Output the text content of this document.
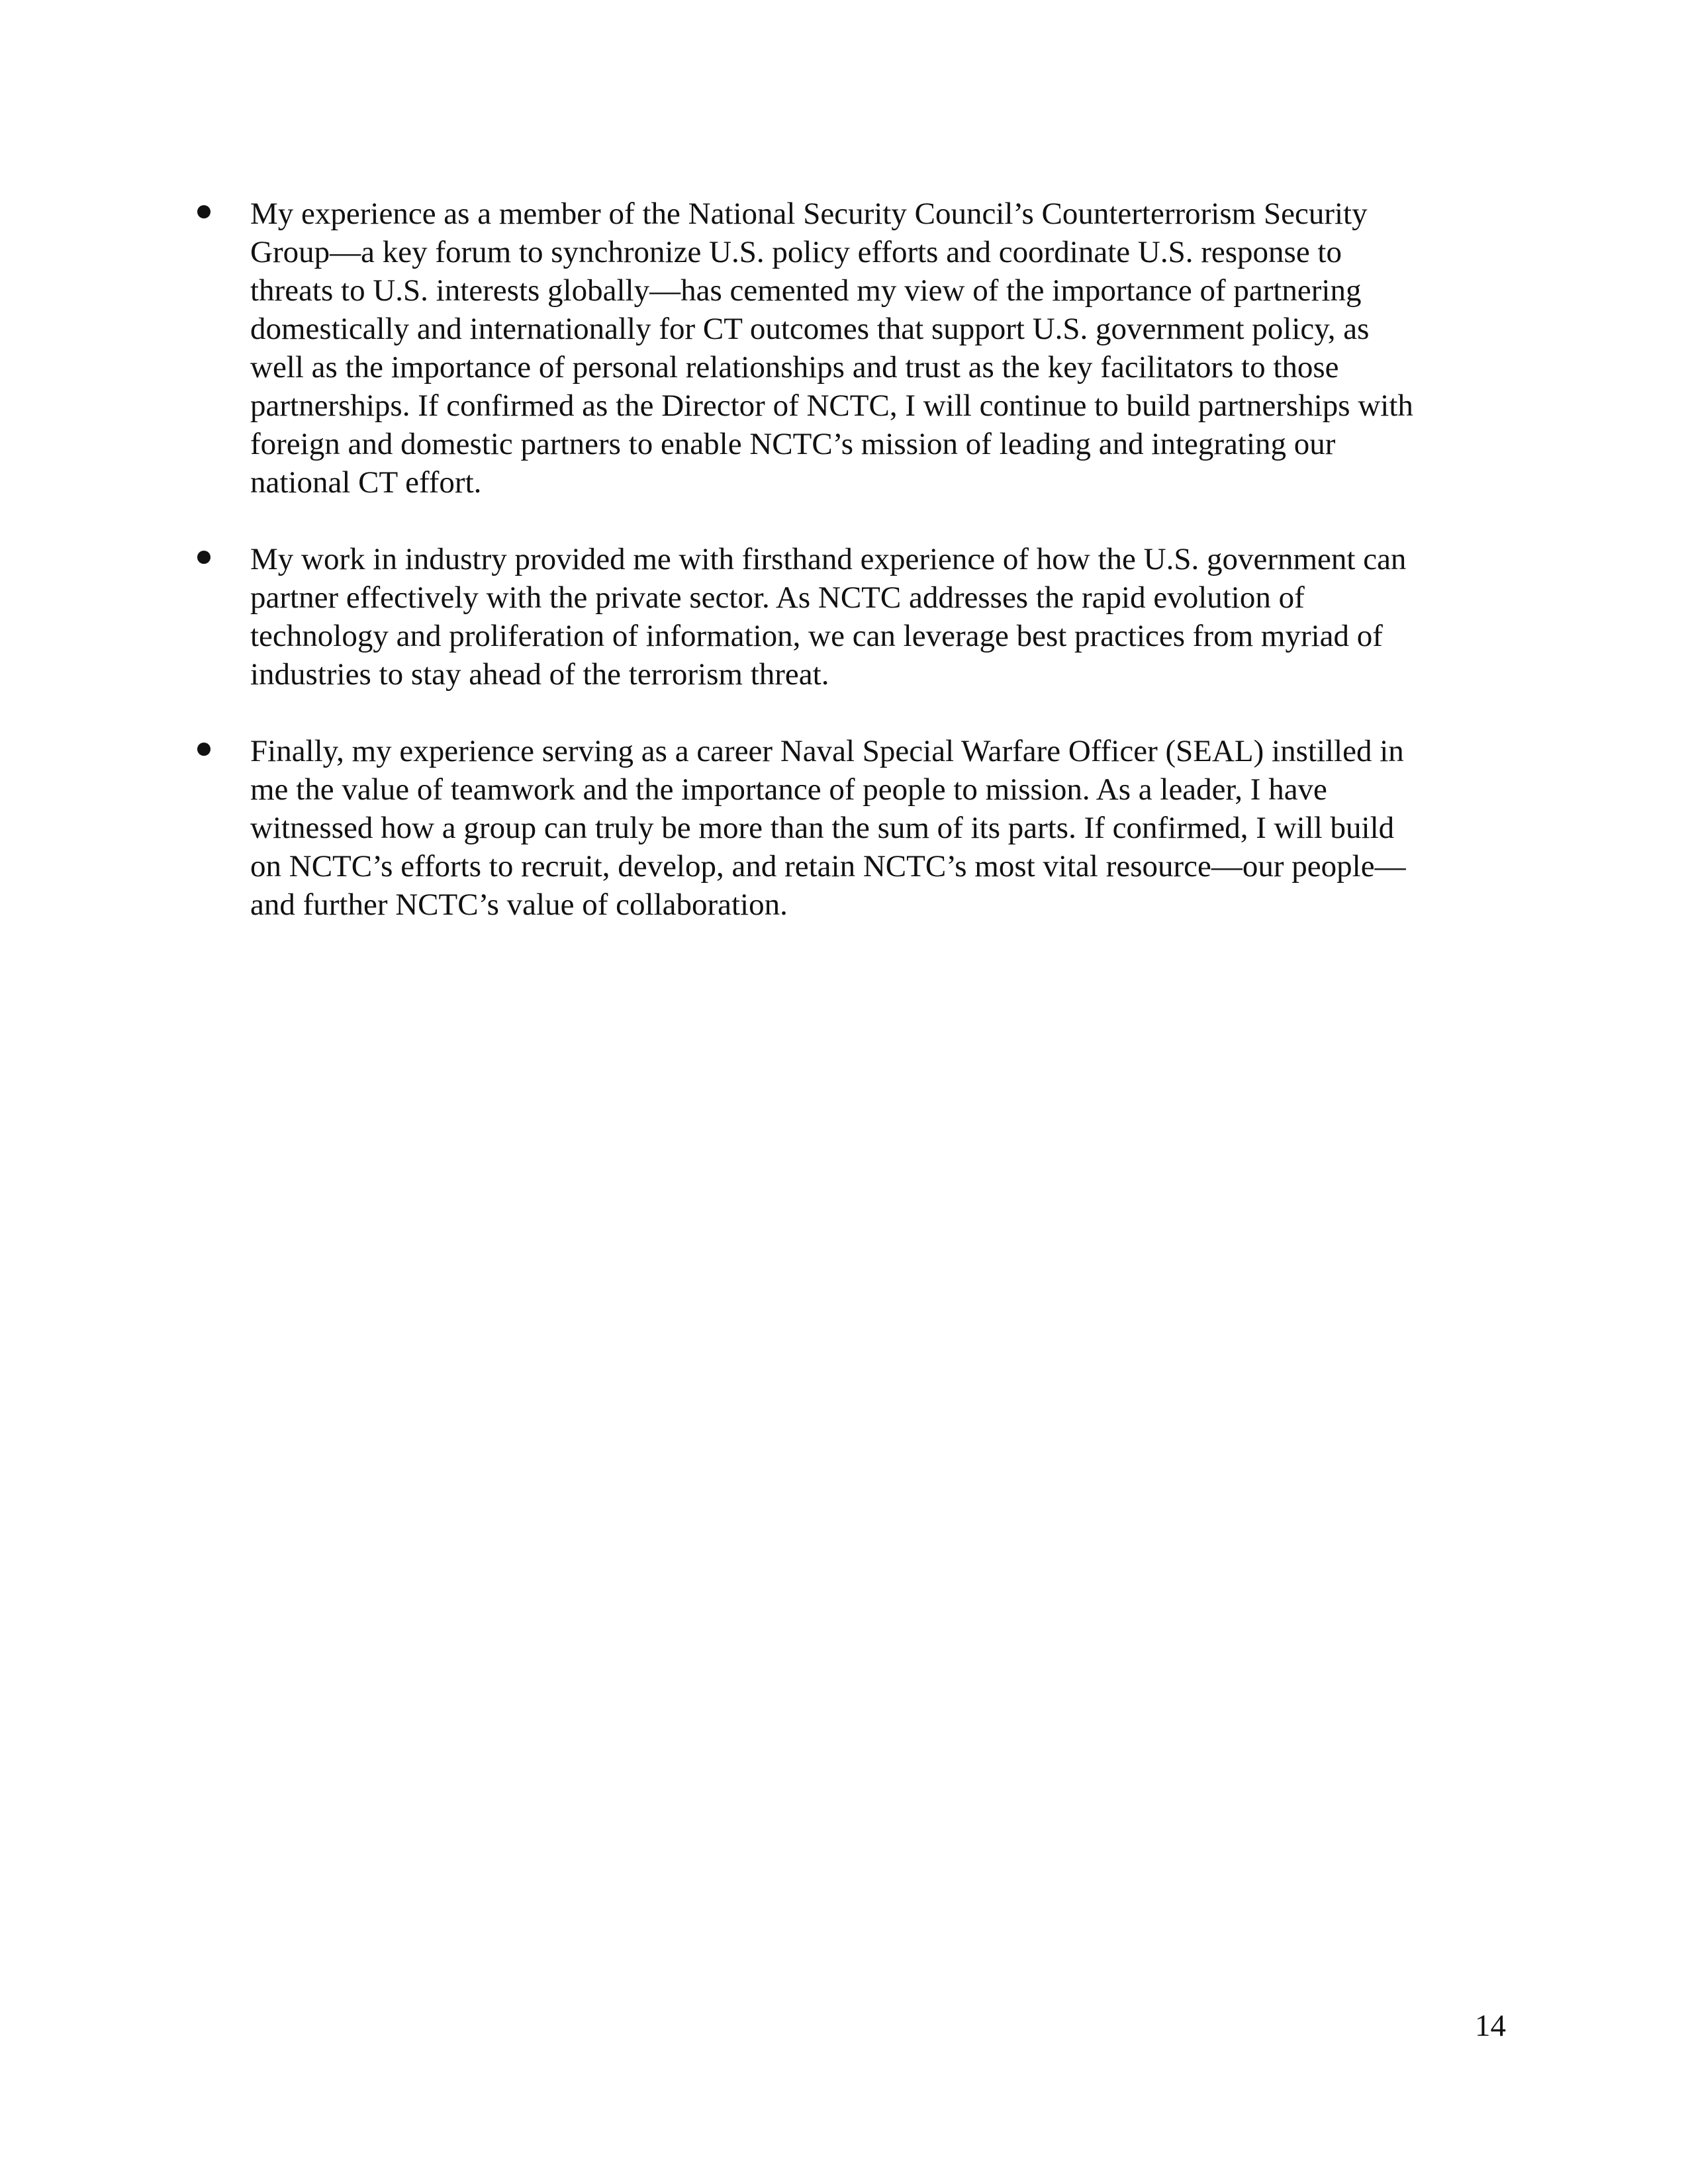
My experience as a member of the National Security Council’s Counterterrorism Security
Group—a key forum to synchronize U.S. policy efforts and coordinate U.S. response to
threats to U.S. interests globally—has cemented my view of the importance of partnering
domestically and internationally for CT outcomes that support U.S. government policy, as
well as the importance of personal relationships and trust as the key facilitators to those
partnerships. If confirmed as the Director of NCTC, I will continue to build partnerships with
foreign and domestic partners to enable NCTC’s mission of leading and integrating our
national CT effort.
My work in industry provided me with firsthand experience of how the U.S. government can
partner effectively with the private sector. As NCTC addresses the rapid evolution of
technology and proliferation of information, we can leverage best practices from myriad of
industries to stay ahead of the terrorism threat.
Finally, my experience serving as a career Naval Special Warfare Officer (SEAL) instilled in
me the value of teamwork and the importance of people to mission. As a leader, I have
witnessed how a group can truly be more than the sum of its parts. If confirmed, I will build
on NCTC’s efforts to recruit, develop, and retain NCTC’s most vital resource—our people—
and further NCTC’s value of collaboration.
14
